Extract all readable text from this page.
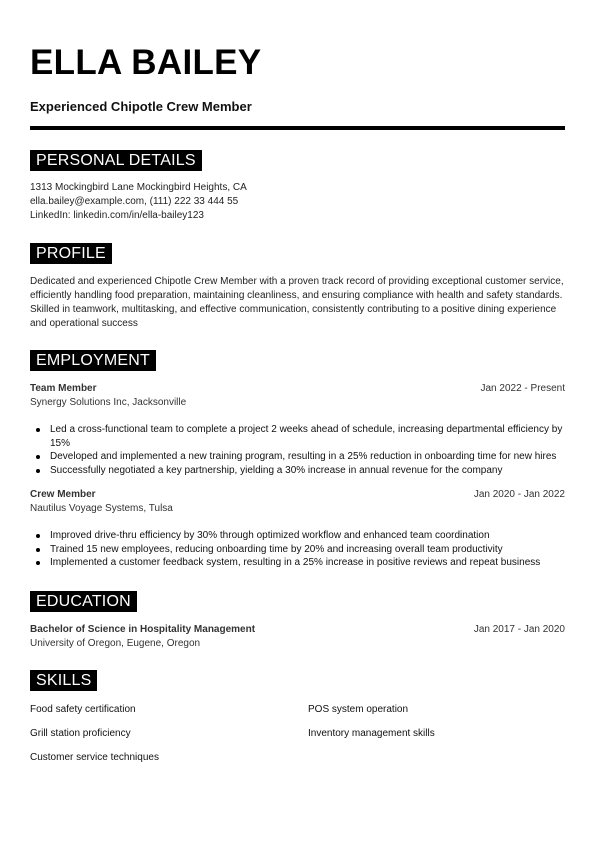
ELLA BAILEY
Experienced Chipotle Crew Member
PERSONAL DETAILS
1313 Mockingbird Lane Mockingbird Heights, CA
ella.bailey@example.com, (111) 222 33 444 55
LinkedIn: linkedin.com/in/ella-bailey123
PROFILE
Dedicated and experienced Chipotle Crew Member with a proven track record of providing exceptional customer service,
efficiently handling food preparation, maintaining cleanliness, and ensuring compliance with health and safety standards.
Skilled in teamwork, multitasking, and effective communication, consistently contributing to a positive dining experience
and operational success
EMPLOYMENT
Team Member	Jan 2022 - Present
Synergy Solutions Inc, Jacksonville
Led a cross-functional team to complete a project 2 weeks ahead of schedule, increasing departmental efficiency by
15%
Developed and implemented a new training program, resulting in a 25% reduction in onboarding time for new hires
Successfully negotiated a key partnership, yielding a 30% increase in annual revenue for the company
Crew Member	Jan 2020 - Jan 2022
Nautilus Voyage Systems, Tulsa
Improved drive-thru efficiency by 30% through optimized workflow and enhanced team coordination
Trained 15 new employees, reducing onboarding time by 20% and increasing overall team productivity
Implemented a customer feedback system, resulting in a 25% increase in positive reviews and repeat business
EDUCATION
Bachelor of Science in Hospitality Management	Jan 2017 - Jan 2020
University of Oregon, Eugene, Oregon
SKILLS
Food safety certification	POS system operation
Grill station proficiency	Inventory management skills
Customer service techniques
